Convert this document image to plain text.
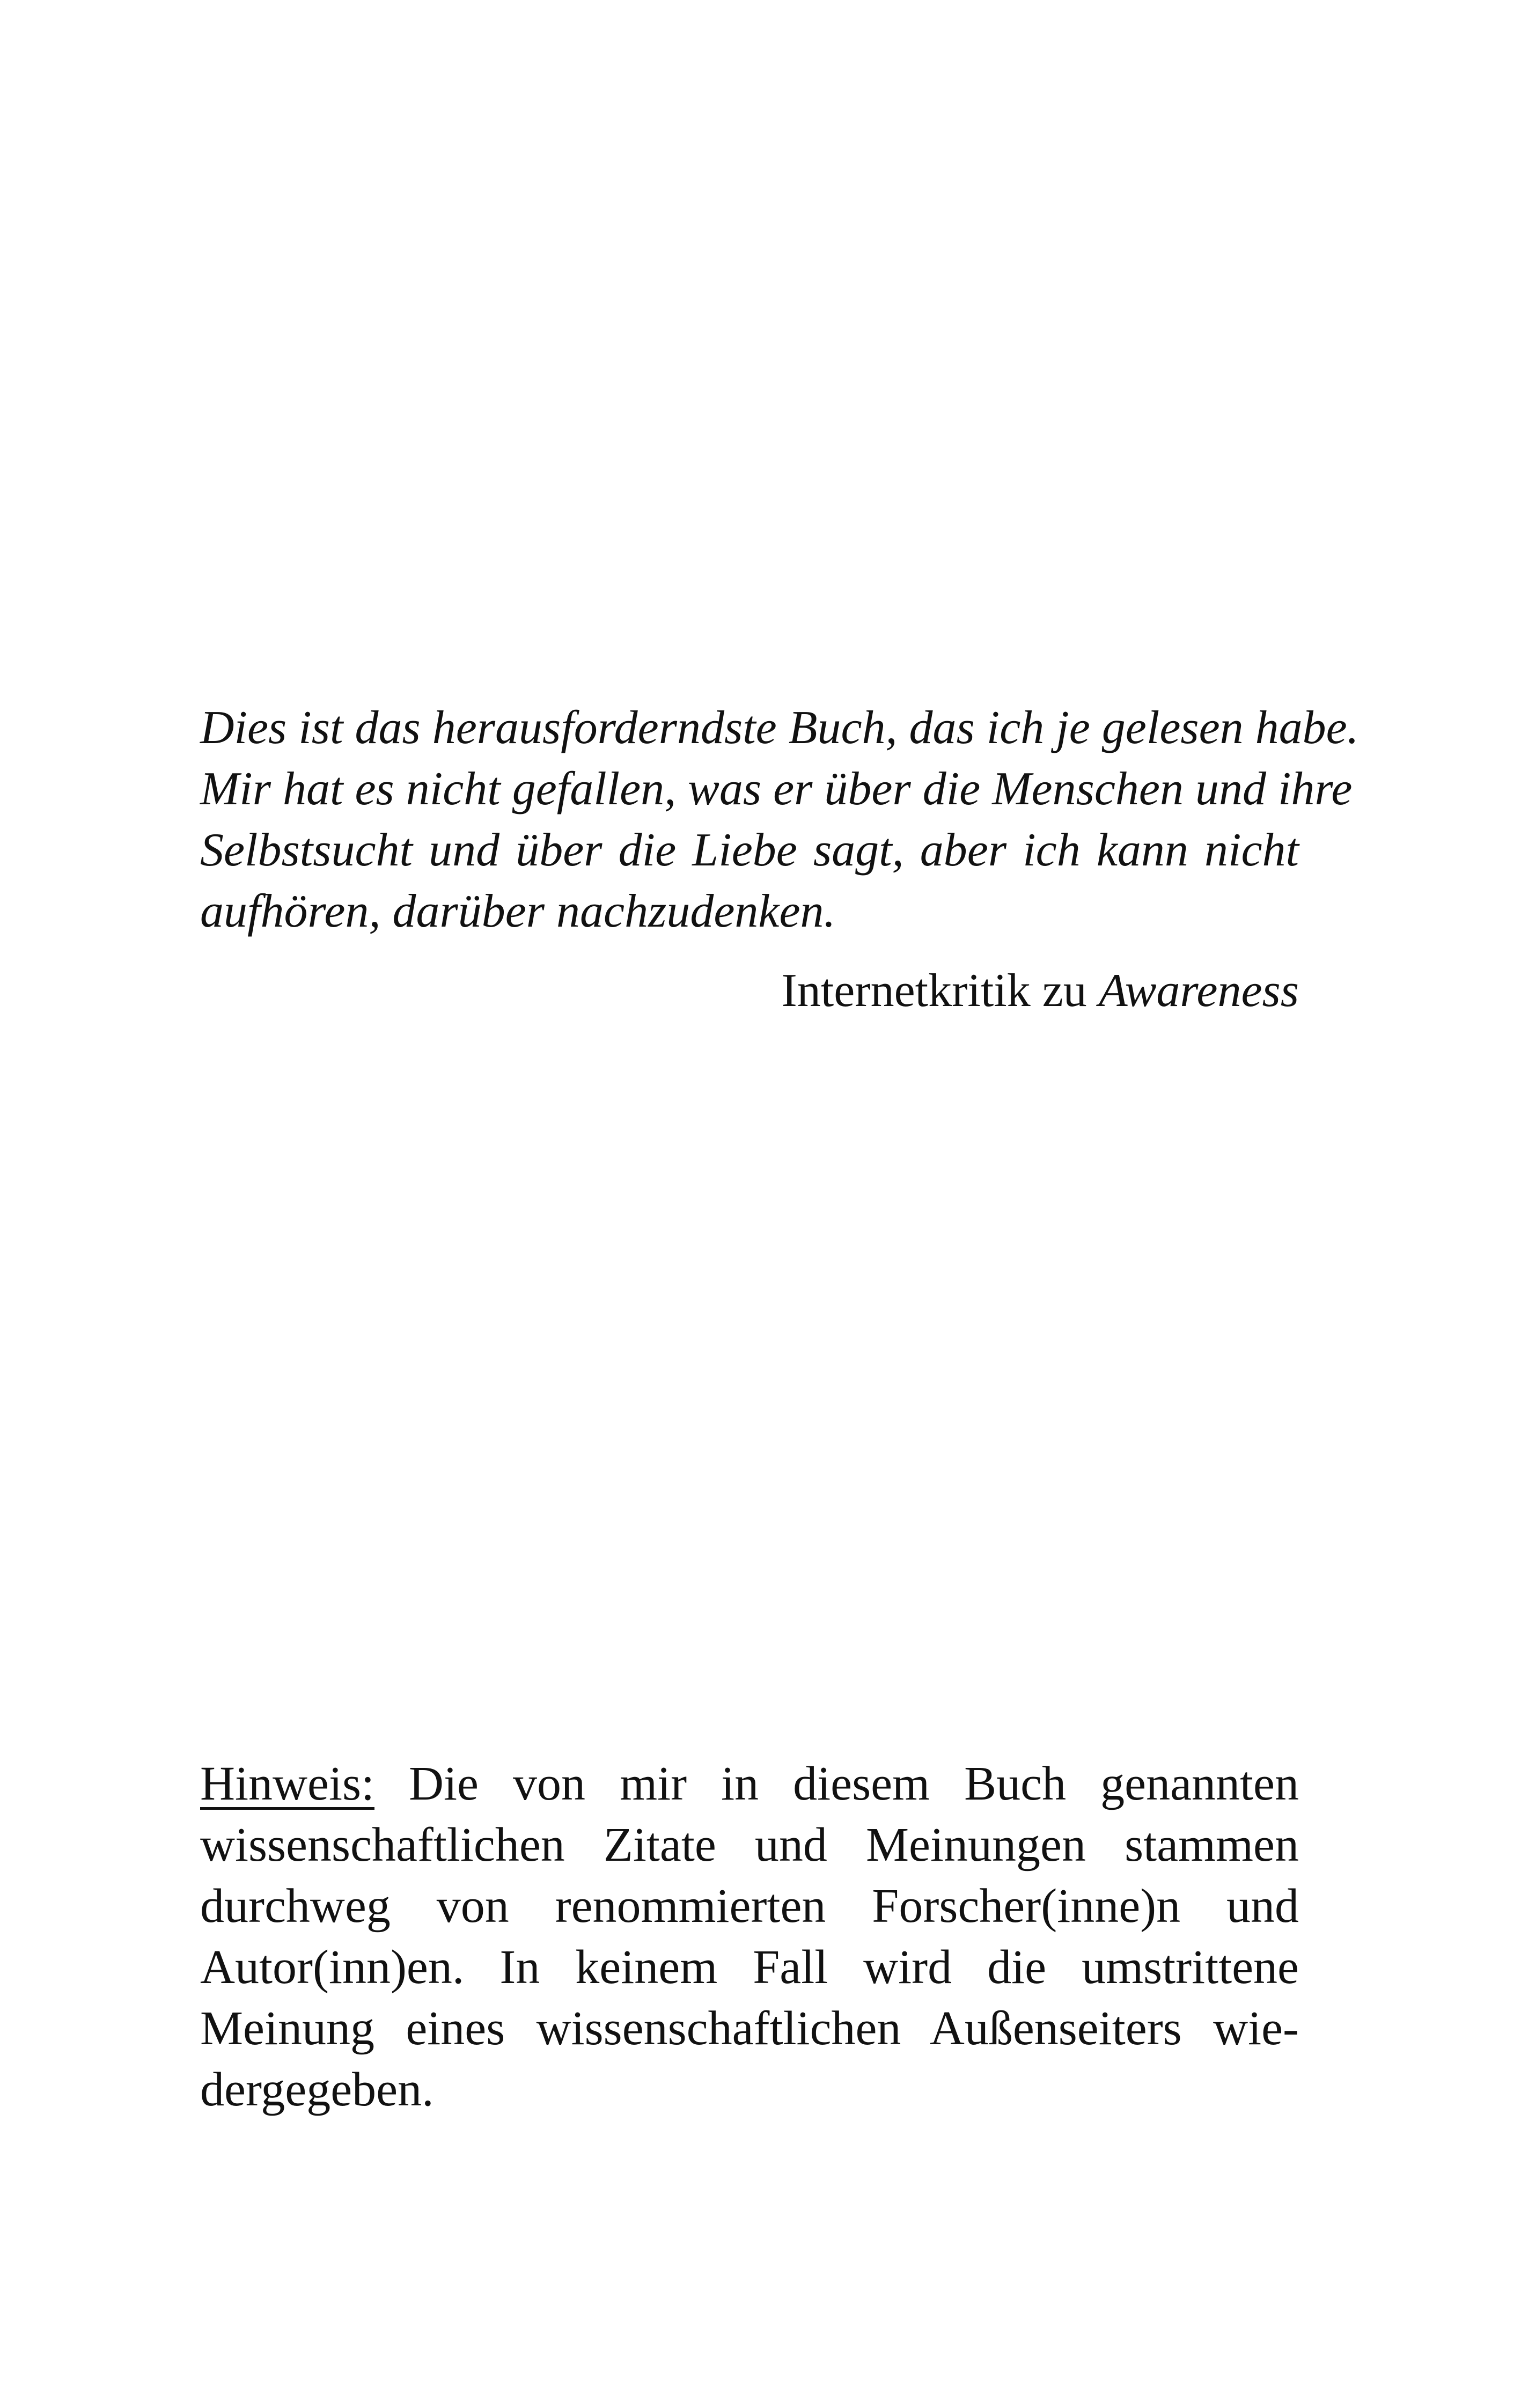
Dies ist das herausforderndste Buch, das ich je gelesen habe.
Mir hat es nicht gefallen, was er über die Menschen und ihre
Selbstsucht und über die Liebe sagt, aber ich kann nicht
aufhören, darüber nachzudenken.
Internetkritik zu Awareness
Hinweis: Die von mir in diesem Buch genannten
wissenschaftlichen Zitate und Meinungen stammen
durchweg von renommierten Forscher(inne)n und
Autor(inn)en. In keinem Fall wird die umstrittene
Meinung eines wissenschaftlichen Außenseiters wie-
dergegeben.
